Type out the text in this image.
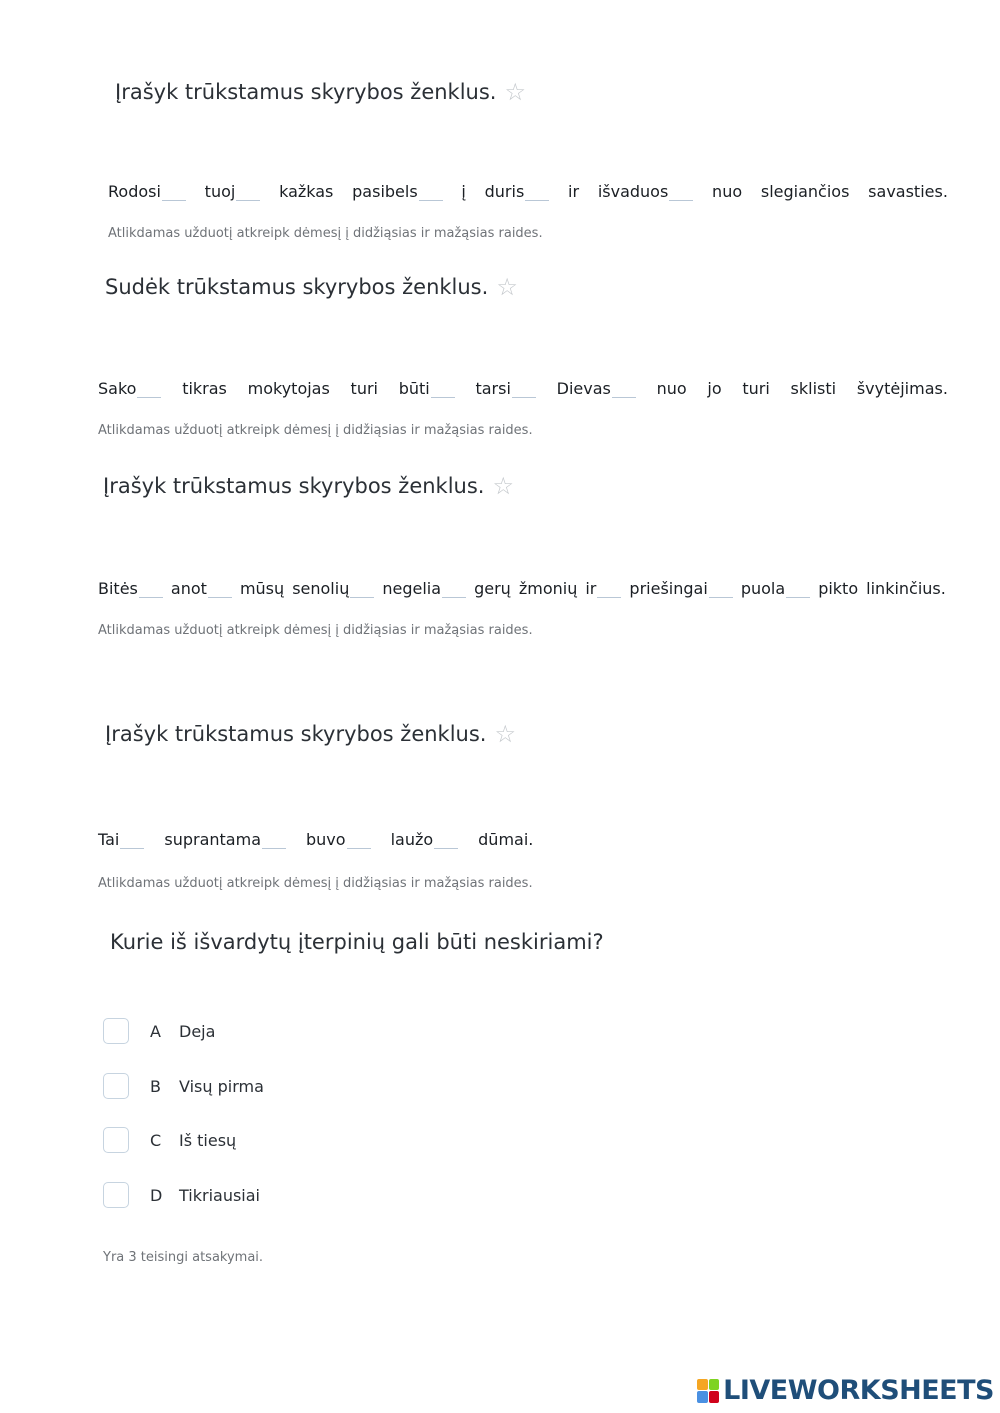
Įrašyk trūkstamus skyrybos ženklus. ☆
Rodosi	tuoj	kažkas pasibels	į duris	ir išvaduos	nuo slegiančios savasties.
Atlikdamas užduotį atkreipk dėmesį į didžiąsias ir mažąsias raides.
Sudėk trūkstamus skyrybos ženklus. ☆
Sako	tikras mokytojas turi būti	tarsi	Dievas	nuo jo turi sklisti švytėjimas.
Atlikdamas užduotį atkreipk dėmesį į didžiąsias ir mažąsias raides.
Įrašyk trūkstamus skyrybos ženklus. ☆
Bitės anot mūsų senolių negelia gerų žmonių ir priešingai puola pikto linkinčius.
Atlikdamas užduotį atkreipk dėmesį į didžiąsias ir mažąsias raides.
Įrašyk trūkstamus skyrybos ženklus. ☆
Tai	suprantama	buvo	laužo	dūmai.
Atlikdamas užduotį atkreipk dėmesį į didžiąsias ir mažąsias raides.
Kurie iš išvardytų įterpinių gali būti neskiriami?
A	Deja
B	Visų pirma
C	Iš tiesų
D	Tikriausiai
Yra 3 teisingi atsakymai.
LIVEWORKSHEETS
